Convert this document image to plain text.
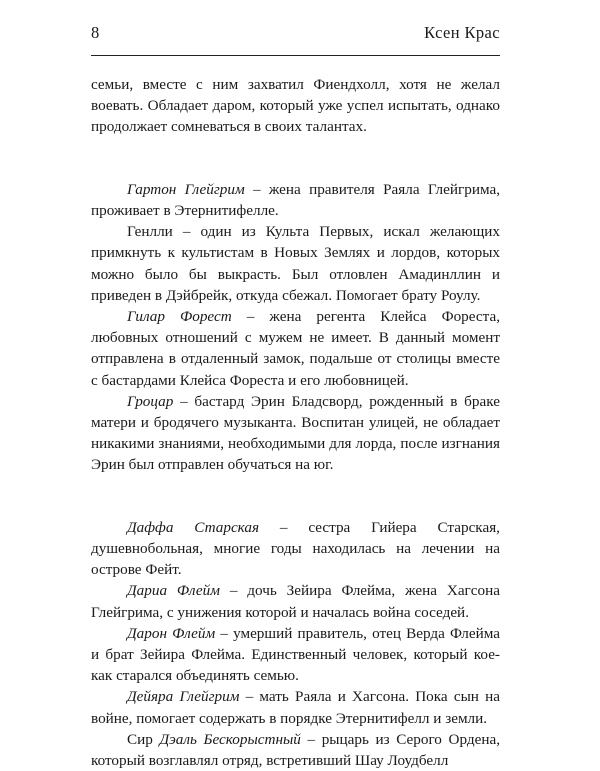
8	Ксен Крас

семьи, вместе с ним захватил Фиендхолл, хотя не желал воевать. Обладает даром, который уже успел испытать, однако продолжает сомневаться в своих талантах.

Гартон Глейгрим – жена правителя Раяла Глейгрима, проживает в Этернитифелле.

Генлли – один из Культа Первых, искал желающих примкнуть к культистам в Новых Землях и лордов, которых можно было бы выкрасть. Был отловлен Амадинллин и приведен в Дэйбрейк, откуда сбежал. Помогает брату Роулу.

Гилар Форест – жена регента Клейса Фореста, любовных отношений с мужем не имеет. В данный момент отправлена в отдаленный замок, подальше от столицы вместе с бастардами Клейса Фореста и его любовницей.

Гроцар – бастард Эрин Бладсворд, рожденный в браке матери и бродячего музыканта. Воспитан улицей, не обладает никакими знаниями, необходимыми для лорда, после изгнания Эрин был отправлен обучаться на юг.

Даффа Старская – сестра Гийера Старская, душевнобольная, многие годы находилась на лечении на острове Фейт.

Дариа Флейм – дочь Зейира Флейма, жена Хагсона Глейгрима, с унижения которой и началась война соседей.

Дарон Флейм – умерший правитель, отец Верда Флейма и брат Зейира Флейма. Единственный человек, который кое-как старался объединять семью.

Дейяра Глейгрим – мать Раяла и Хагсона. Пока сын на войне, помогает содержать в порядке Этернитифелл и земли.

Сир Дэаль Бескорыстный – рыцарь из Серого Ордена, который возглавлял отряд, встретивший Шау Лоудбелл
